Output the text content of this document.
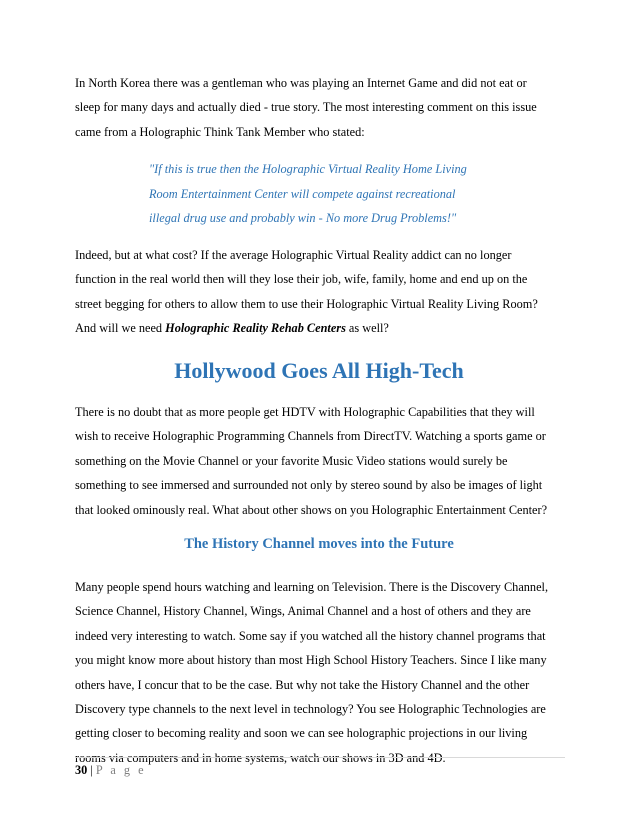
In North Korea there was a gentleman who was playing an Internet Game and did not eat or
sleep for many days and actually died - true story. The most interesting comment on this issue
came from a Holographic Think Tank Member who stated:

"If this is true then the Holographic Virtual Reality Home Living
Room Entertainment Center will compete against recreational
illegal drug use and probably win - No more Drug Problems!"

Indeed, but at what cost? If the average Holographic Virtual Reality addict can no longer
function in the real world then will they lose their job, wife, family, home and end up on the
street begging for others to allow them to use their Holographic Virtual Reality Living Room?
And will we need Holographic Reality Rehab Centers as well?

Hollywood Goes All High-Tech

There is no doubt that as more people get HDTV with Holographic Capabilities that they will
wish to receive Holographic Programming Channels from DirectTV. Watching a sports game or
something on the Movie Channel or your favorite Music Video stations would surely be
something to see immersed and surrounded not only by stereo sound by also be images of light
that looked ominously real. What about other shows on you Holographic Entertainment Center?

The History Channel moves into the Future

Many people spend hours watching and learning on Television. There is the Discovery Channel,
Science Channel, History Channel, Wings, Animal Channel and a host of others and they are
indeed very interesting to watch. Some say if you watched all the history channel programs that
you might know more about history than most High School History Teachers. Since I like many
others have, I concur that to be the case. But why not take the History Channel and the other
Discovery type channels to the next level in technology? You see Holographic Technologies are
getting closer to becoming reality and soon we can see holographic projections in our living

30 | P a g e
